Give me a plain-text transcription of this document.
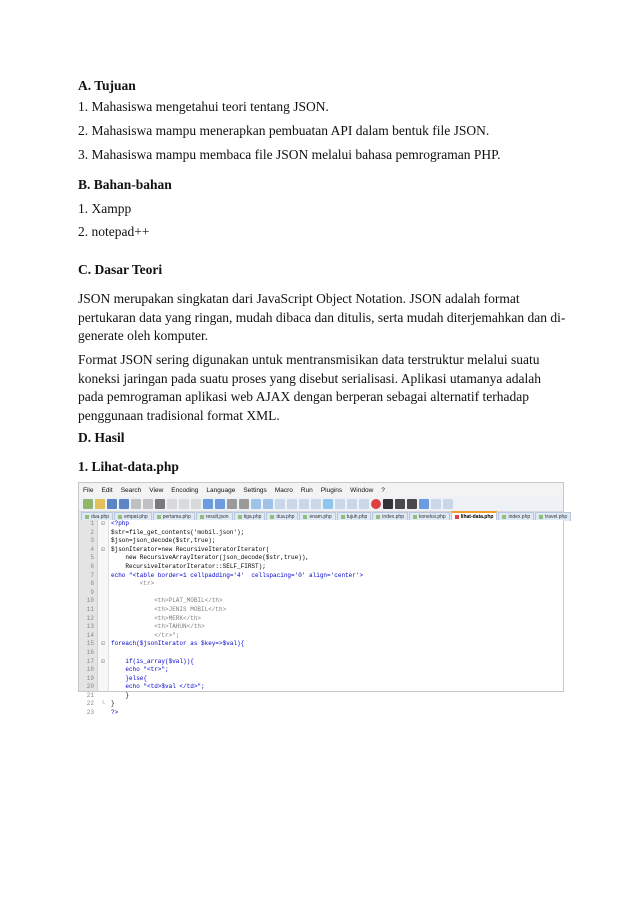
A. Tujuan
1. Mahasiswa mengetahui teori tentang JSON.
2. Mahasiswa mampu menerapkan pembuatan API dalam bentuk file JSON.
3. Mahasiswa mampu membaca file JSON melalui bahasa pemrograman PHP.
B. Bahan-bahan
1. Xampp
2. notepad++
C. Dasar Teori
JSON merupakan singkatan dari JavaScript Object Notation. JSON adalah format pertukaran data yang ringan, mudah dibaca dan ditulis, serta mudah diterjemahkan dan di-generate oleh komputer.
Format JSON sering digunakan untuk mentransmisikan data terstruktur melalui suatu koneksi jaringan pada suatu proses yang disebut serialisasi. Aplikasi utamanya adalah pada pemrograman aplikasi web AJAX dengan berperan sebagai alternatif terhadap penggunaan tradisional format XML.
D. Hasil
1. Lihat-data.php
File Edit Search View Encoding Language Settings Macro Run Plugins Window ?
dua.php	empat.php	pertama.php	result.json	tiga.php	dua.php	enam.php	tujuh.php	index.php	koneksi.php	lihat-data.php	index.php	travel.php
1
2
3
4
5
6
7
8
9
10
11
12
13
14
15
16
17
18
19
20
21
22
23
⊟
⊟
⊟
⊟
└
<?php
$str=file_get_contents('mobil.json');
$json=json_decode($str,true);
$jsonIterator=new RecursiveIteratorIterator(
new RecursiveArrayIterator(json_decode($str,true)),
RecursiveIteratorIterator::SELF_FIRST);
echo "<table border=1 cellpadding='4'  cellspacing='0' align='center'>
<tr>
<th>PLAT_MOBIL</th>
<th>JENIS MOBIL</th>
<th>MERK</th>
<th>TAHUN</th>
</tr>";
foreach($jsonIterator as $key=>$val){
if(is_array($val)){
echo "<tr>";
}else{
echo "<td>$val </td>";
}
}
?>
